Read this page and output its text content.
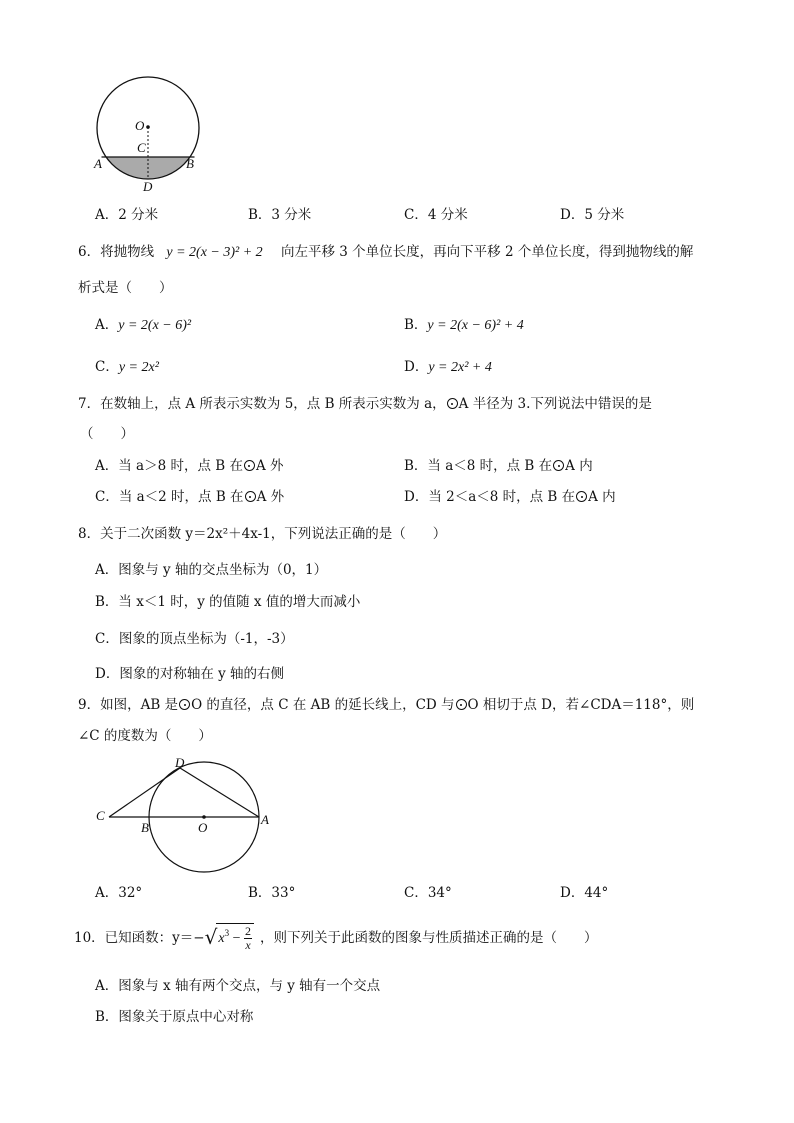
O
C
A	B
D
A．2 分米	B．3 分米	C．4 分米	D．5 分米
6．将抛物线 y = 2(x − 3)² + 2 向左平移 3 个单位长度，再向下平移 2 个单位长度，得到抛物线的解
析式是（　　）
A．y = 2(x − 6)²	B．y = 2(x − 6)² + 4
C．y = 2x²	D．y = 2x² + 4
7．在数轴上，点 A 所表示实数为 5，点 B 所表示实数为 a， A 半径为 3.下列说法中错误的是
（　　）
A．当 a＞8 时，点 B 在 A 外	B．当 a＜8 时，点 B 在 A 内
C．当 a＜2 时，点 B 在 A 外	D．当 2＜a＜8 时，点 B 在 A 内
8．关于二次函数 y＝2x²＋4x-1，下列说法正确的是（　　）
A．图象与 y 轴的交点坐标为（0，1）
B．当 x＜1 时，y 的值随 x 值的增大而减小
C．图象的顶点坐标为（-1，-3）
D．图象的对称轴在 y 轴的右侧
9．如图，AB 是 O 的直径，点 C 在 AB 的延长线上，CD 与 O 相切于点 D，若∠CDA＝118°，则
∠C 的度数为（　　）
C
B	O
A
D
A．32°	B．33°	C．34°	D．44°
10．已知函数：$y=-√x^3 - \frac{2}{x}$ ，则下列关于此函数的图象与性质描述正确的是（　　）
A．图象与 x 轴有两个交点，与 y 轴有一个交点
B．图象关于原点中心对称
